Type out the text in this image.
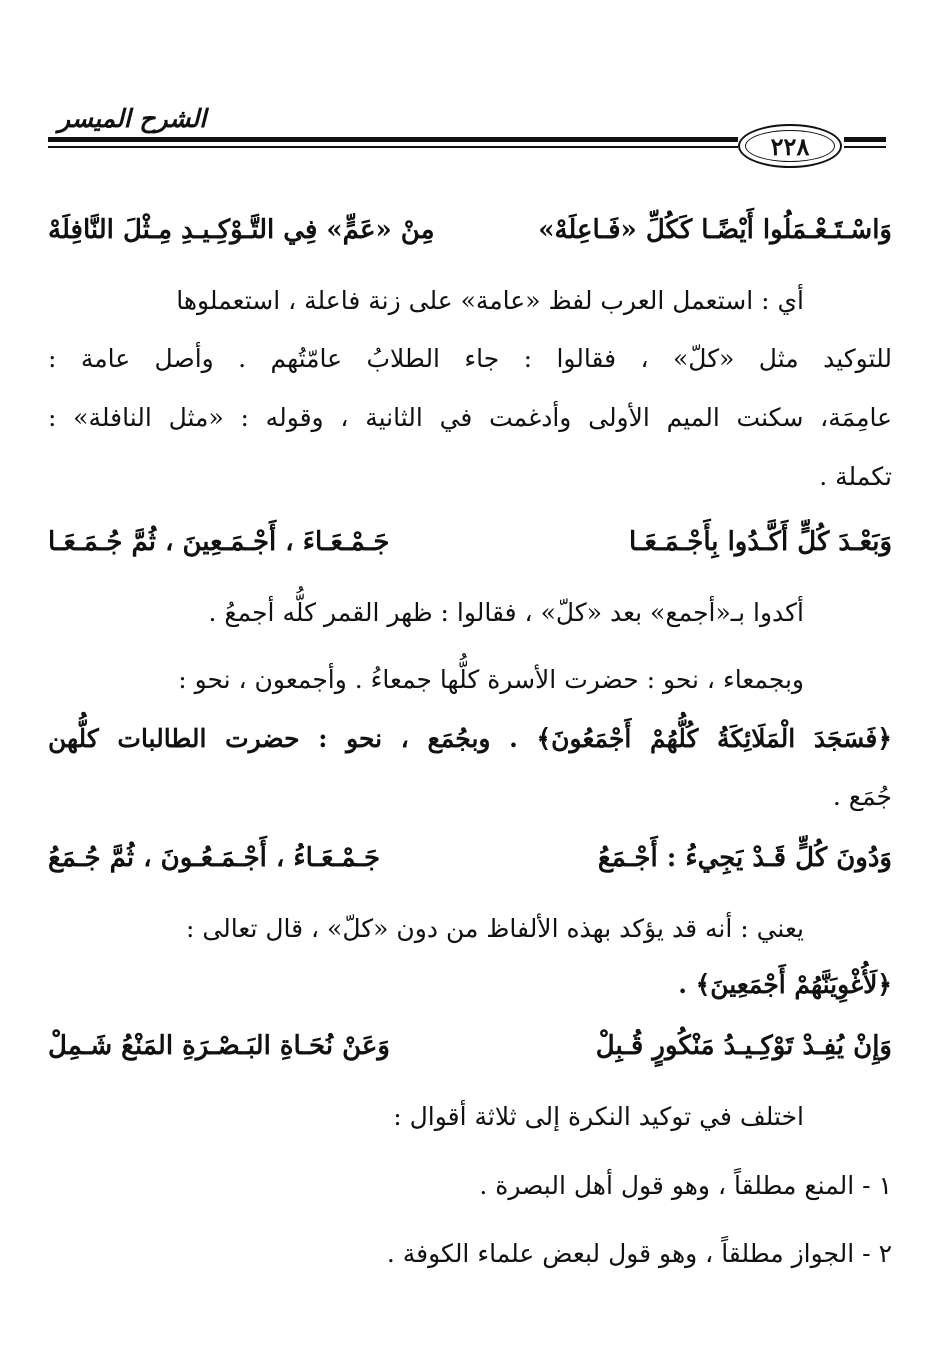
الشرح الميسر
٢٢٨
وَاسْـتَـعْـمَلُوا أَيْضًـا كَكُلِّ «فَـاعِلَهْ»
مِنْ «عَمٍّ» فِي التَّـوْكِـيـدِ مِـثْلَ النَّافِلَهْ
أي : استعمل العرب لفظ «عامة» على زنة فاعلة ، استعملوها
للتوكيد مثل «كلّ» ، فقالوا : جاء الطلابُ عامّتُهم . وأصل عامة :
عامِمَة، سكنت الميم الأولى وأدغمت في الثانية ، وقوله : «مثل النافلة» :
تكملة .
وَبَعْـدَ كُلٍّ أَكَّـدُوا بِأَجْـمَـعَـا
جَـمْـعَـاءَ ، أَجْـمَـعِينَ ، ثُمَّ جُـمَـعَـا
أكدوا بـ«أجمع» بعد «كلّ» ، فقالوا : ظهر القمر كلُّه أجمعُ .
وبجمعاء ، نحو : حضرت الأسرة كلُّها جمعاءُ . وأجمعون ، نحو :
﴿فَسَجَدَ الْمَلَائِكَةُ كُلُّهُمْ أَجْمَعُونَ﴾ . وبجُمَع ، نحو : حضرت الطالبات كلُّهن
جُمَع .
وَدُونَ كُلٍّ قَـدْ يَجِيءُ : أَجْـمَعُ
جَـمْـعَـاءُ ، أَجْـمَـعُـونَ ، ثُمَّ جُـمَعُ
يعني : أنه قد يؤكد بهذه الألفاظ من دون «كلّ» ، قال تعالى :
﴿لَأُغْوِيَنَّهُمْ أَجْمَعِينَ﴾ .
وَإِنْ يُفِـدْ تَوْكِـيـدُ مَنْكُورٍ قُـبِلْ
وَعَنْ نُحَـاةِ البَـصْـرَةِ المَنْعُ شَـمِلْ
اختلف في توكيد النكرة إلى ثلاثة أقوال :
١ - المنع مطلقاً ، وهو قول أهل البصرة .
٢ - الجواز مطلقاً ، وهو قول لبعض علماء الكوفة .
